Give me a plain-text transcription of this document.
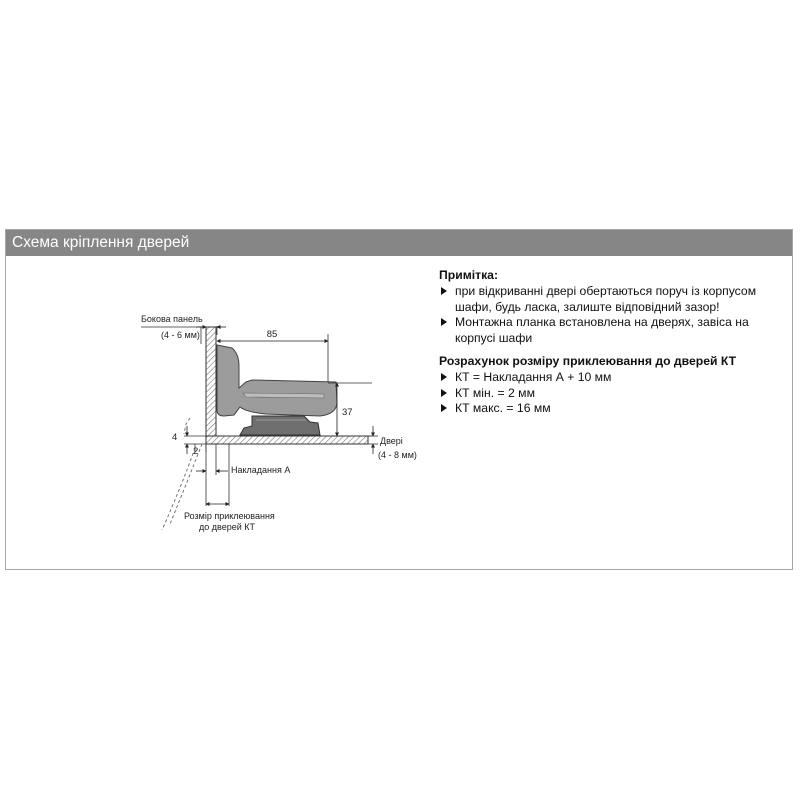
Схема кріплення дверей
85
37
Бокова панель
(4 - 6 мм)
Двері
(4 - 8 мм)
4
2
Накладання А
Розмір приклеювання
до дверей КТ
Примітка:
при відкриванні двері обертаються поруч із корпусом шафи, будь ласка, залиште відповідний зазор!
Монтажна планка встановлена на дверях, завіса на корпусі шафи
Розрахунок розміру приклеювання до дверей КТ
КТ = Накладання А + 10 мм
КТ мін. = 2 мм
КТ макс. = 16 мм
